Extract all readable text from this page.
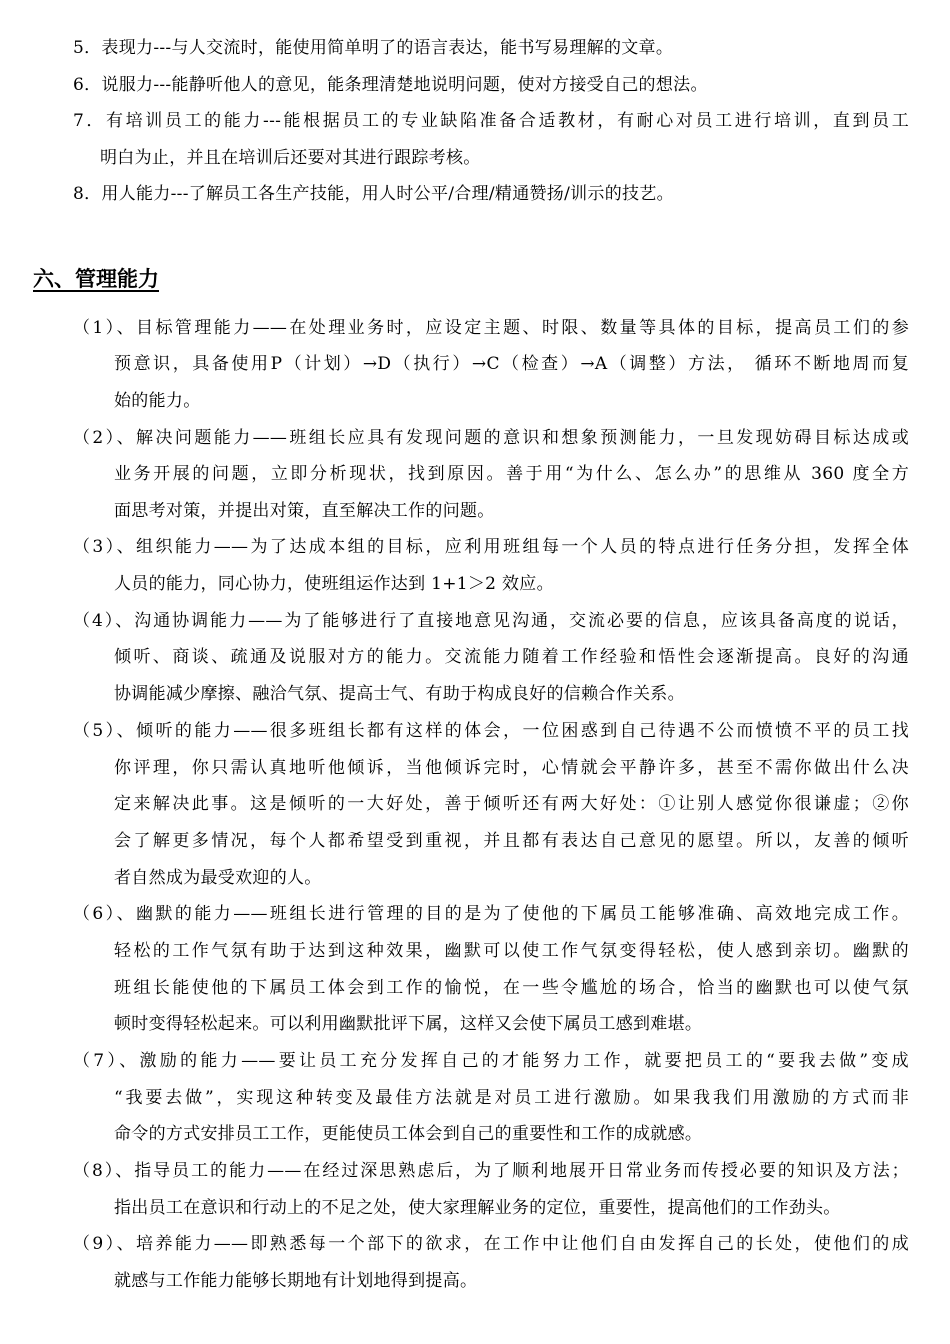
5．表现力---与人交流时，能使用简单明了的语言表达，能书写易理解的文章。
6．说服力---能静听他人的意见，能条理清楚地说明问题，使对方接受自己的想法。
7．有培训员工的能力---能根据员工的专业缺陷准备合适教材，有耐心对员工进行培训，直到员工
明白为止，并且在培训后还要对其进行跟踪考核。
8．用人能力---了解员工各生产技能，用人时公平/合理/精通赞扬/训示的技艺。
六、管理能力
（1）、目标管理能力——在处理业务时，应设定主题、时限、数量等具体的目标，提高员工们的参
预意识，具备使用P（计划）→D（执行）→C（检查）→A（调整）方法， 循环不断地周而复
始的能力。
（2）、解决问题能力——班组长应具有发现问题的意识和想象预测能力，一旦发现妨碍目标达成或
业务开展的问题，立即分析现状，找到原因。善于用“为什么、怎么办”的思维从 360 度全方
面思考对策，并提出对策，直至解决工作的问题。
（3）、组织能力——为了达成本组的目标，应利用班组每一个人员的特点进行任务分担，发挥全体
人员的能力，同心协力，使班组运作达到 1+1＞2 效应。
（4）、沟通协调能力——为了能够进行了直接地意见沟通，交流必要的信息，应该具备高度的说话，
倾听、商谈、疏通及说服对方的能力。交流能力随着工作经验和悟性会逐渐提高。良好的沟通
协调能减少摩擦、融洽气氛、提高士气、有助于构成良好的信赖合作关系。
（5）、倾听的能力——很多班组长都有这样的体会，一位困惑到自己待遇不公而愤愤不平的员工找
你评理，你只需认真地听他倾诉，当他倾诉完时，心情就会平静许多，甚至不需你做出什么决
定来解决此事。这是倾听的一大好处，善于倾听还有两大好处：①让别人感觉你很谦虚；②你
会了解更多情况，每个人都希望受到重视，并且都有表达自己意见的愿望。所以，友善的倾听
者自然成为最受欢迎的人。
（6）、幽默的能力——班组长进行管理的目的是为了使他的下属员工能够准确、高效地完成工作。
轻松的工作气氛有助于达到这种效果，幽默可以使工作气氛变得轻松，使人感到亲切。幽默的
班组长能使他的下属员工体会到工作的愉悦，在一些令尴尬的场合，恰当的幽默也可以使气氛
顿时变得轻松起来。可以利用幽默批评下属，这样又会使下属员工感到难堪。
（7）、激励的能力——要让员工充分发挥自己的才能努力工作，就要把员工的“要我去做”变成
“我要去做”，实现这种转变及最佳方法就是对员工进行激励。如果我我们用激励的方式而非
命令的方式安排员工工作，更能使员工体会到自己的重要性和工作的成就感。
（8）、指导员工的能力——在经过深思熟虑后，为了顺利地展开日常业务而传授必要的知识及方法；
指出员工在意识和行动上的不足之处，使大家理解业务的定位，重要性，提高他们的工作劲头。
（9）、培养能力——即熟悉每一个部下的欲求，在工作中让他们自由发挥自己的长处，使他们的成
就感与工作能力能够长期地有计划地得到提高。
